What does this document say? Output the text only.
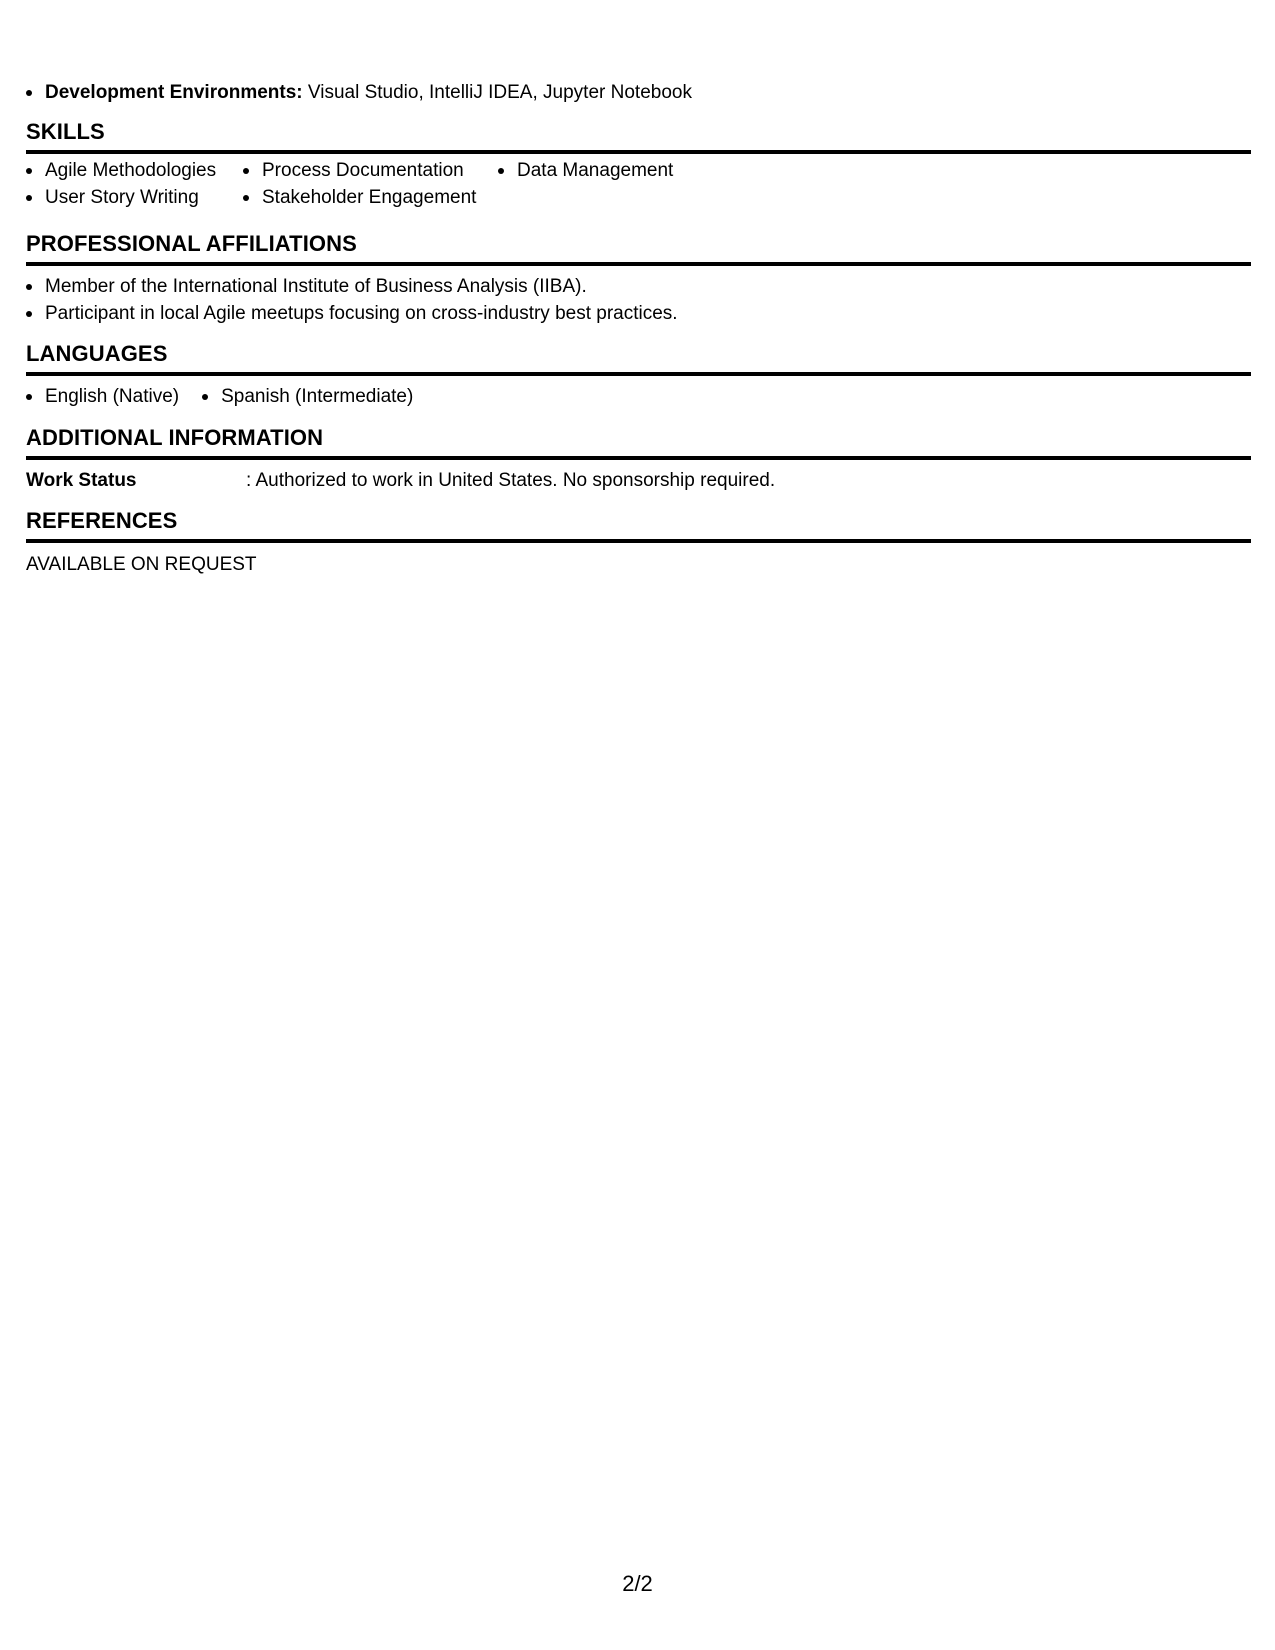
Development Environments: Visual Studio, IntelliJ IDEA, Jupyter Notebook
SKILLS
Agile Methodologies
User Story Writing
Process Documentation
Stakeholder Engagement
Data Management
PROFESSIONAL AFFILIATIONS
Member of the International Institute of Business Analysis (IIBA).
Participant in local Agile meetups focusing on cross-industry best practices.
LANGUAGES
English (Native)	Spanish (Intermediate)
ADDITIONAL INFORMATION
Work Status	: Authorized to work in United States. No sponsorship required.
REFERENCES
AVAILABLE ON REQUEST
2/2
